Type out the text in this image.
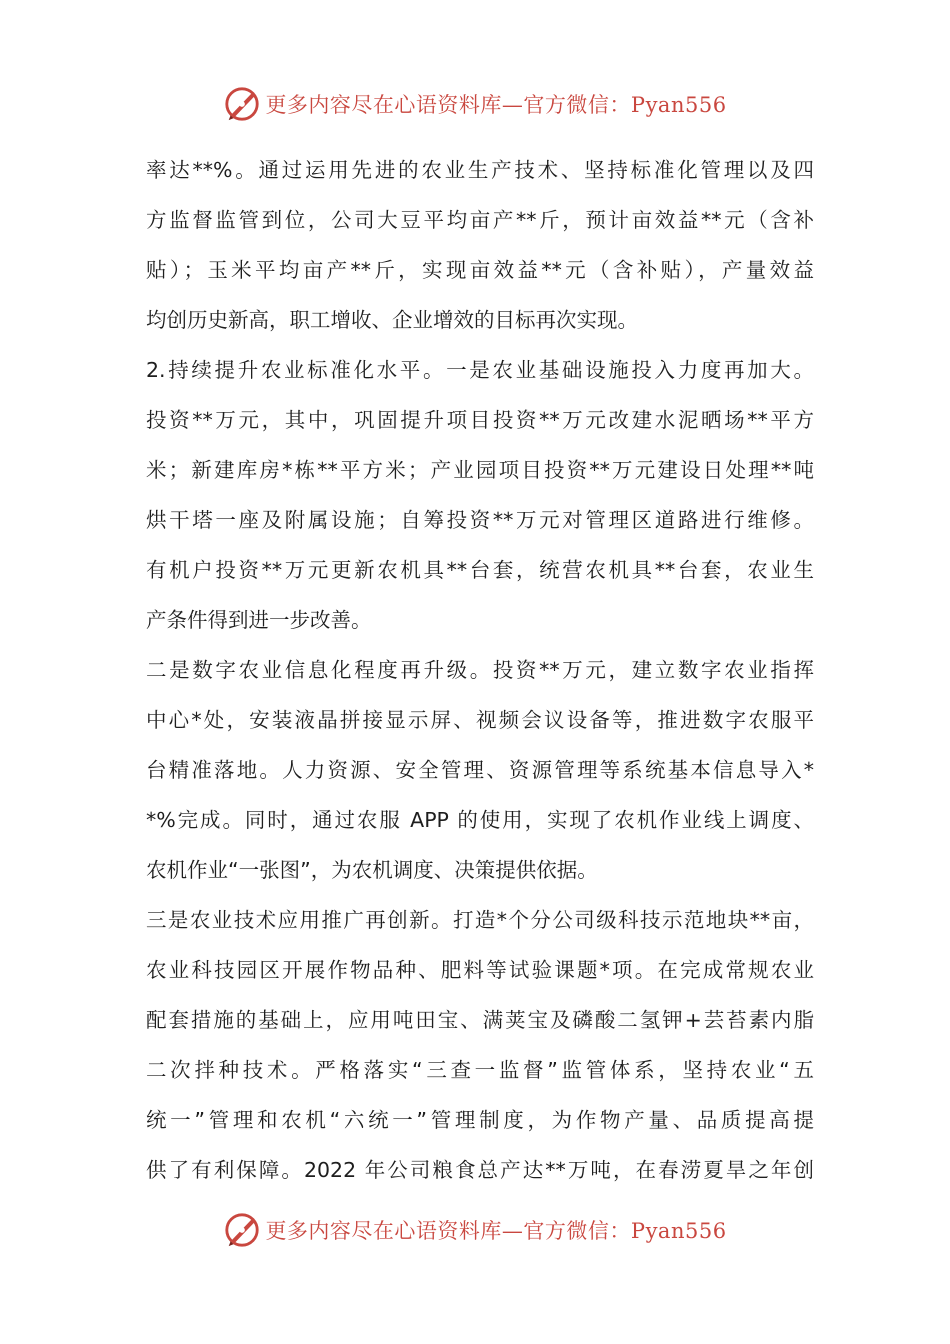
更多内容尽在心语资料库—官方微信：Pyan556
率达**%。通过运用先进的农业生产技术、坚持标准化管理以及四
方监督监管到位，公司大豆平均亩产**斤，预计亩效益**元（含补
贴）；玉米平均亩产**斤，实现亩效益**元（含补贴），产量效益
均创历史新高，职工增收、企业增效的目标再次实现。
2.持续提升农业标准化水平。一是农业基础设施投入力度再加大。
投资**万元，其中，巩固提升项目投资**万元改建水泥晒场**平方
米；新建库房*栋**平方米；产业园项目投资**万元建设日处理**吨
烘干塔一座及附属设施；自筹投资**万元对管理区道路进行维修。
有机户投资**万元更新农机具**台套，统营农机具**台套，农业生
产条件得到进一步改善。
二是数字农业信息化程度再升级。投资**万元，建立数字农业指挥
中心*处，安装液晶拼接显示屏、视频会议设备等，推进数字农服平
台精准落地。人力资源、安全管理、资源管理等系统基本信息导入*
*%完成。同时，通过农服 APP 的使用，实现了农机作业线上调度、
农机作业“一张图”，为农机调度、决策提供依据。
三是农业技术应用推广再创新。打造*个分公司级科技示范地块**亩，
农业科技园区开展作物品种、肥料等试验课题*项。在完成常规农业
配套措施的基础上，应用吨田宝、满荚宝及磷酸二氢钾+芸苔素内脂
二次拌种技术。严格落实“三查一监督”监管体系，坚持农业“五
统一”管理和农机“六统一”管理制度，为作物产量、品质提高提
供了有利保障。2022 年公司粮食总产达**万吨，在春涝夏旱之年创
更多内容尽在心语资料库—官方微信：Pyan556
